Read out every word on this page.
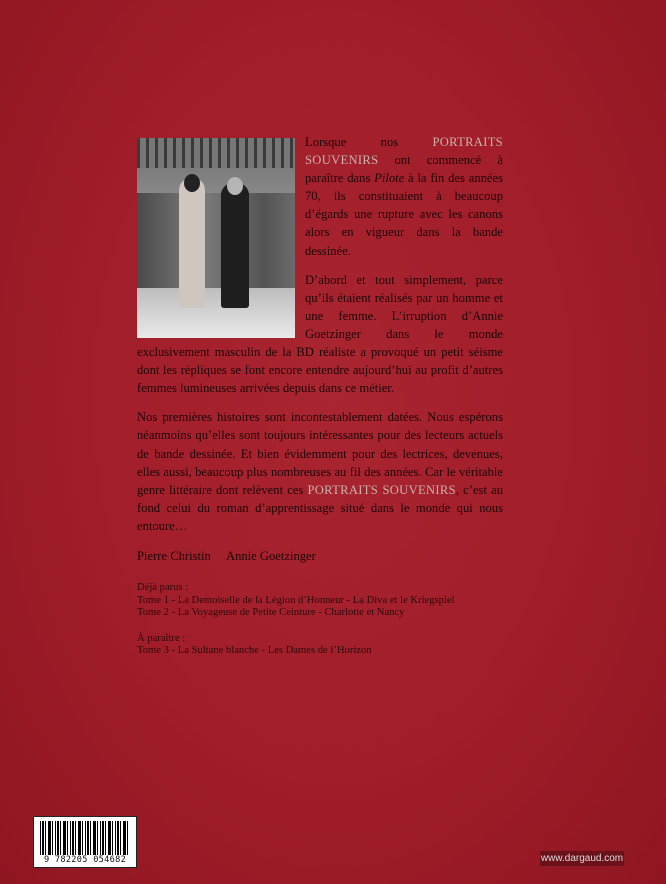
Lorsque nos PORTRAITS SOUVENIRS ont commencé à paraître dans Pilote à la fin des années 70, ils constituaient à beaucoup d’égards une rupture avec les canons alors en vigueur dans la bande dessinée.

D’abord et tout simplement, parce qu’ils étaient réalisés par un homme et une femme. L’irruption d’Annie Goetzinger dans le monde exclusivement masculin de la BD réaliste a provoqué un petit séisme dont les répliques se font encore entendre aujourd’hui au profit d’autres femmes lumineuses arrivées depuis dans ce métier.

Nos premières histoires sont incontestablement datées. Nous espérons néanmoins qu’elles sont toujours intéressantes pour des lecteurs actuels de bande dessinée. Et bien évidemment pour des lectrices, devenues, elles aussi, beaucoup plus nombreuses au fil des années. Car le véritable genre littéraire dont relèvent ces PORTRAITS SOUVENIRS, c’est au fond celui du roman d’apprentissage situé dans le monde qui nous entoure…

Pierre Christin Annie Goetzinger
Déjà parus :
Tome 1 - La Demoiselle de la Légion d’Honneur - La Diva et le Kriegspiel
Tome 2 - La Voyageuse de Petite Ceinture - Charlotte et Nancy
À paraître :
Tome 3 - La Sultane blanche - Les Dames de l’Horizon
9 782205 054682	www.dargaud.com
